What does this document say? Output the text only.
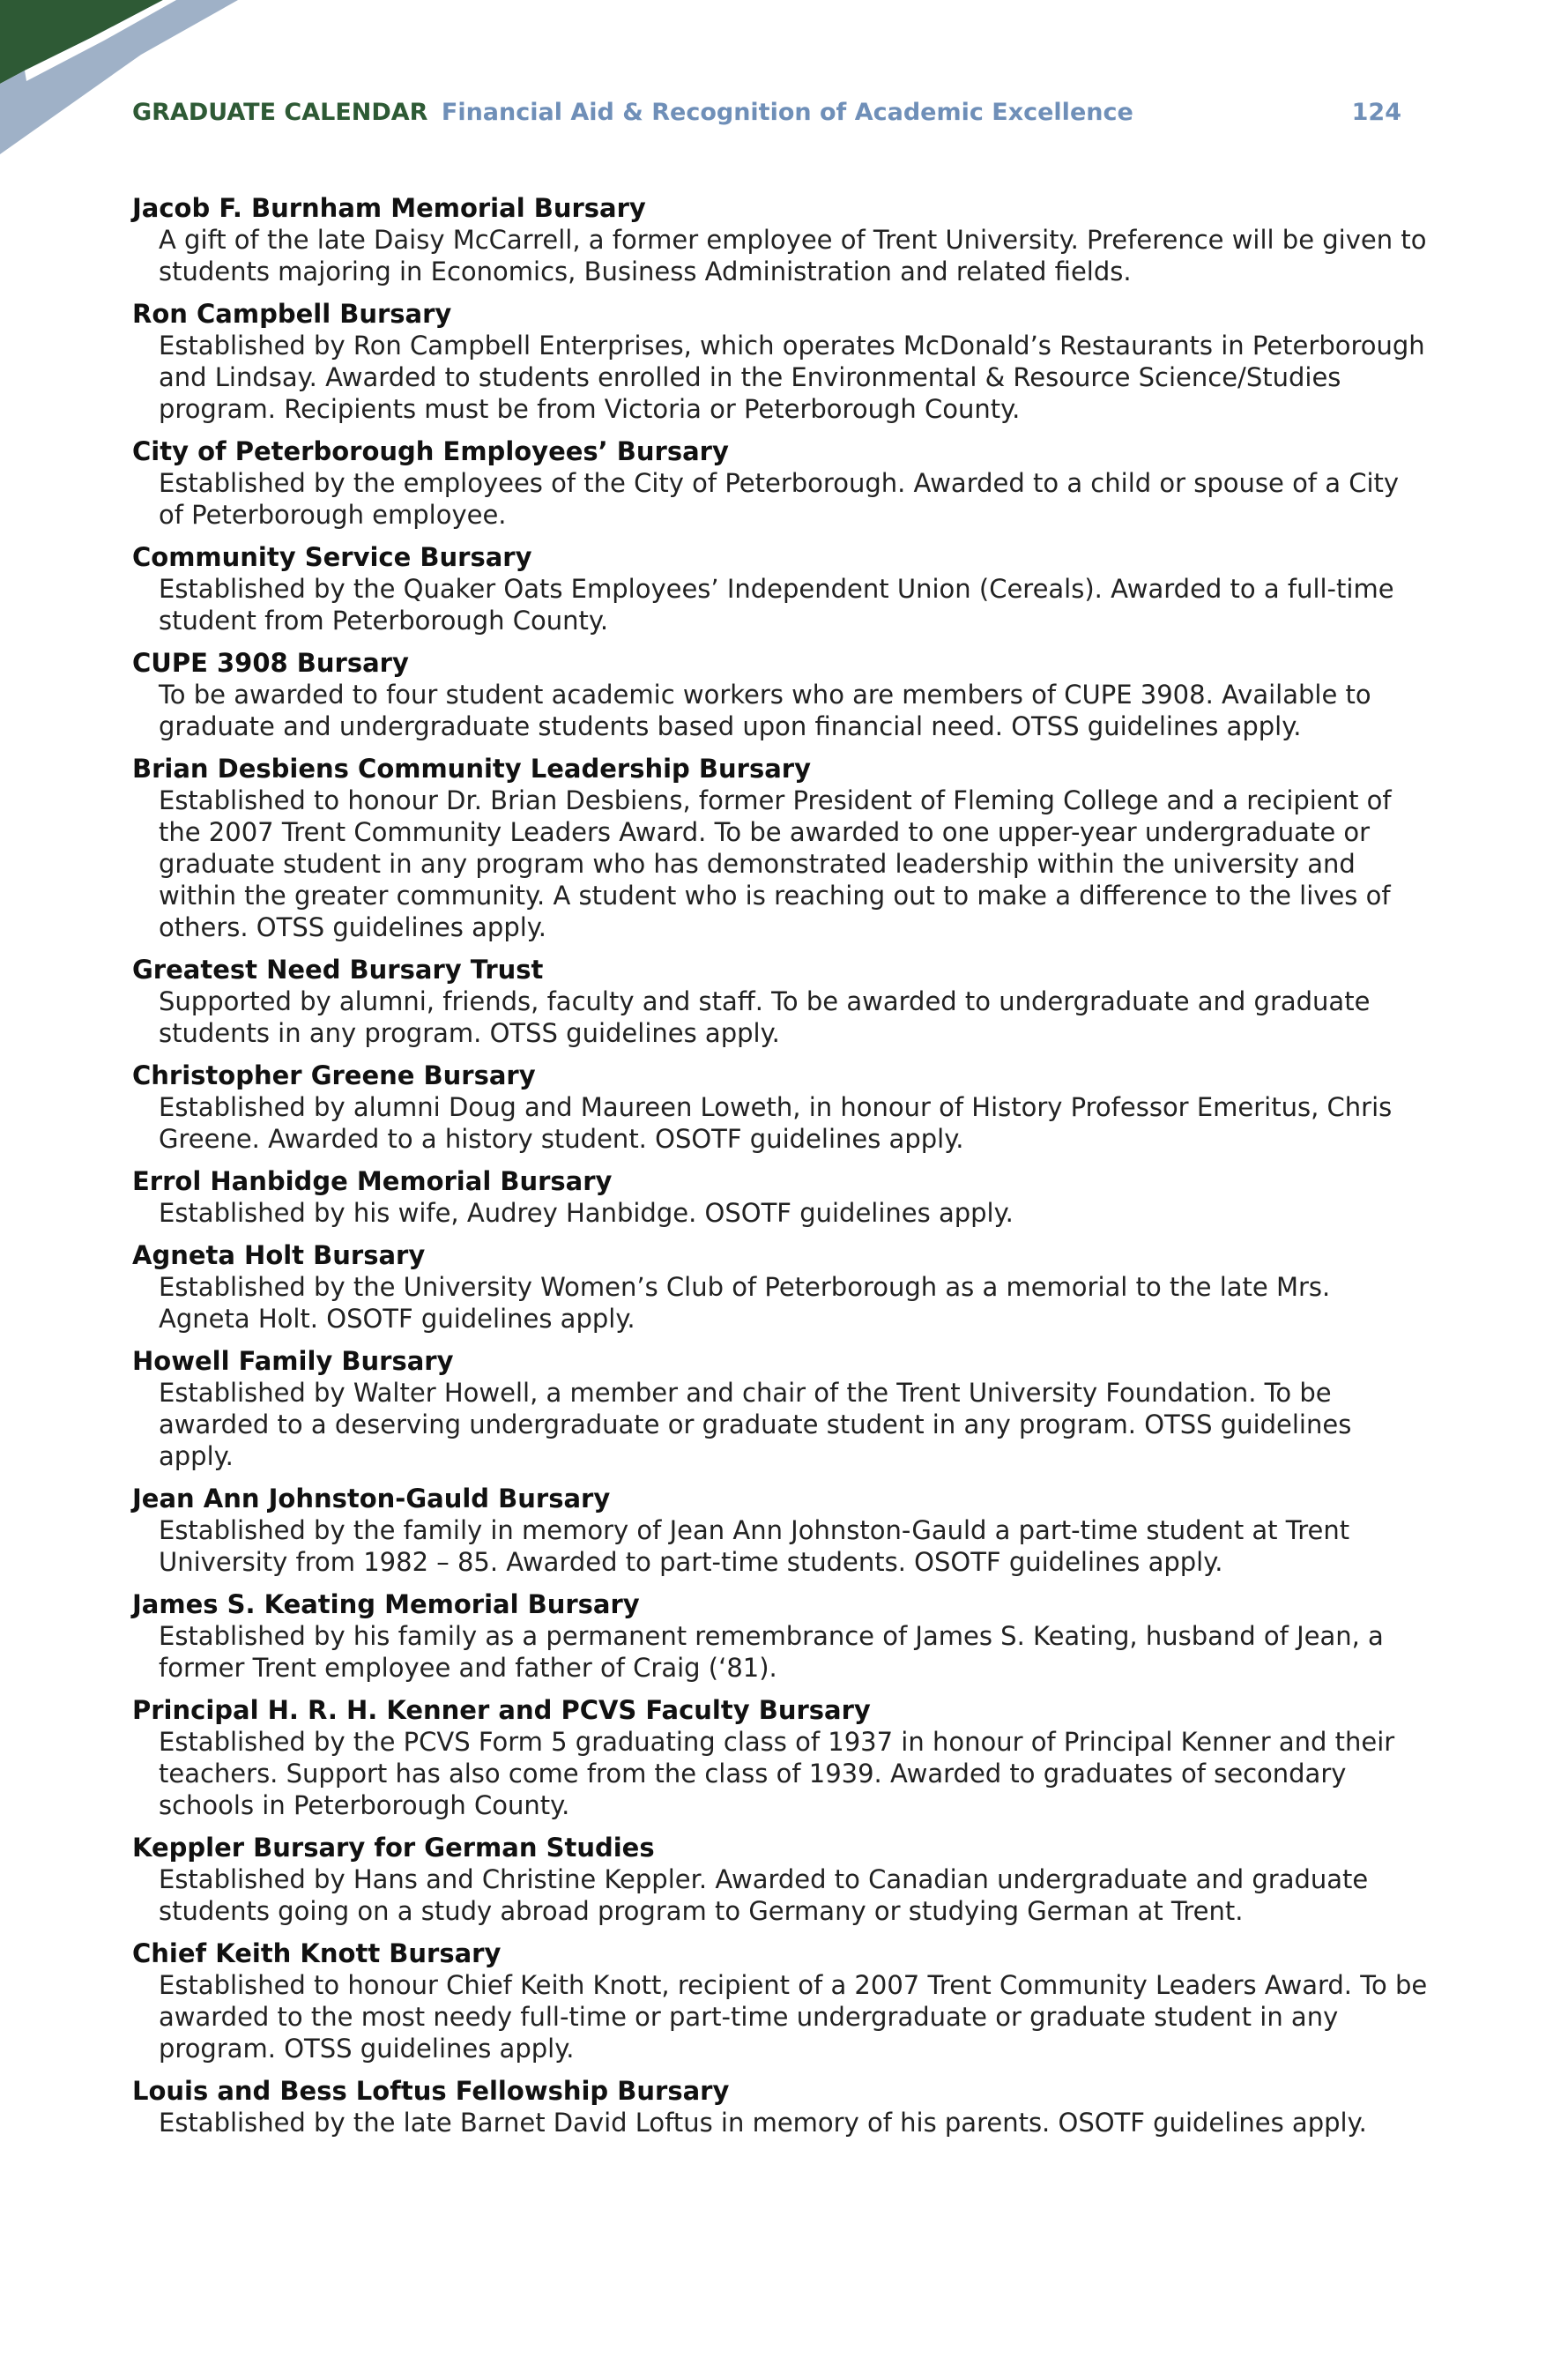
GRADUATE CALENDAR Financial Aid & Recognition of Academic Excellence	124
Jacob F. Burnham Memorial Bursary
A gift of the late Daisy McCarrell, a former employee of Trent University. Preference will be given to students majoring in Economics, Business Administration and related fields.
Ron Campbell Bursary
Established by Ron Campbell Enterprises, which operates McDonald’s Restaurants in Peterborough and Lindsay. Awarded to students enrolled in the Environmental & Resource Science/Studies program. Recipients must be from Victoria or Peterborough County.
City of Peterborough Employees’ Bursary
Established by the employees of the City of Peterborough. Awarded to a child or spouse of a City of Peterborough employee.
Community Service Bursary
Established by the Quaker Oats Employees’ Independent Union (Cereals). Awarded to a full-time student from Peterborough County.
CUPE 3908 Bursary
To be awarded to four student academic workers who are members of CUPE 3908. Available to graduate and undergraduate students based upon financial need. OTSS guidelines apply.
Brian Desbiens Community Leadership Bursary
Established to honour Dr. Brian Desbiens, former President of Fleming College and a recipient of the 2007 Trent Community Leaders Award. To be awarded to one upper-year undergraduate or graduate student in any program who has demonstrated leadership within the university and within the greater community. A student who is reaching out to make a difference to the lives of others. OTSS guidelines apply.
Greatest Need Bursary Trust
Supported by alumni, friends, faculty and staff. To be awarded to undergraduate and graduate students in any program. OTSS guidelines apply.
Christopher Greene Bursary
Established by alumni Doug and Maureen Loweth, in honour of History Professor Emeritus, Chris Greene. Awarded to a history student. OSOTF guidelines apply.
Errol Hanbidge Memorial Bursary
Established by his wife, Audrey Hanbidge. OSOTF guidelines apply.
Agneta Holt Bursary
Established by the University Women’s Club of Peterborough as a memorial to the late Mrs. Agneta Holt. OSOTF guidelines apply.
Howell Family Bursary
Established by Walter Howell, a member and chair of the Trent University Foundation. To be awarded to a deserving undergraduate or graduate student in any program. OTSS guidelines apply.
Jean Ann Johnston-Gauld Bursary
Established by the family in memory of Jean Ann Johnston-Gauld a part-time student at Trent University from 1982 – 85. Awarded to part-time students. OSOTF guidelines apply.
James S. Keating Memorial Bursary
Established by his family as a permanent remembrance of James S. Keating, husband of Jean, a former Trent employee and father of Craig (‘81).
Principal H. R. H. Kenner and PCVS Faculty Bursary
Established by the PCVS Form 5 graduating class of 1937 in honour of Principal Kenner and their teachers. Support has also come from the class of 1939. Awarded to graduates of secondary schools in Peterborough County.
Keppler Bursary for German Studies
Established by Hans and Christine Keppler. Awarded to Canadian undergraduate and graduate students going on a study abroad program to Germany or studying German at Trent.
Chief Keith Knott Bursary
Established to honour Chief Keith Knott, recipient of a 2007 Trent Community Leaders Award. To be awarded to the most needy full-time or part-time undergraduate or graduate student in any program. OTSS guidelines apply.
Louis and Bess Loftus Fellowship Bursary
Established by the late Barnet David Loftus in memory of his parents. OSOTF guidelines apply.
